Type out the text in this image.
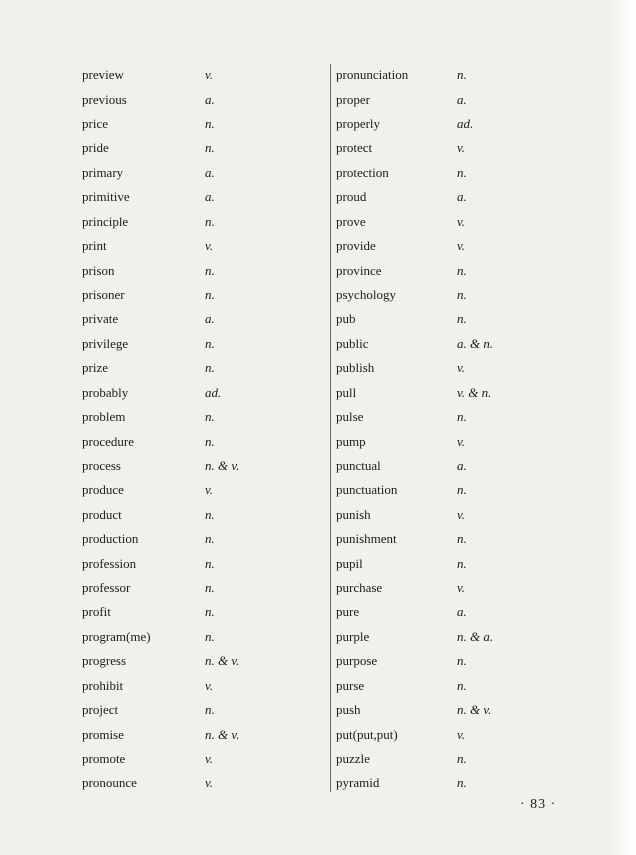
preview	v.
previous	a.
price	n.
pride	n.
primary	a.
primitive	a.
principle	n.
print	v.
prison	n.
prisoner	n.
private	a.
privilege	n.
prize	n.
probably	ad.
problem	n.
procedure	n.
process	n. & v.
produce	v.
product	n.
production	n.
profession	n.
professor	n.
profit	n.
program(me)	n.
progress	n. & v.
prohibit	v.
project	n.
promise	n. & v.
promote	v.
pronounce	v.
pronunciation	n.
proper	a.
properly	ad.
protect	v.
protection	n.
proud	a.
prove	v.
provide	v.
province	n.
psychology	n.
pub	n.
public	a. & n.
publish	v.
pull	v. & n.
pulse	n.
pump	v.
punctual	a.
punctuation	n.
punish	v.
punishment	n.
pupil	n.
purchase	v.
pure	a.
purple	n. & a.
purpose	n.
purse	n.
push	n. & v.
put(put,put)	v.
puzzle	n.
pyramid	n.
· 83 ·
